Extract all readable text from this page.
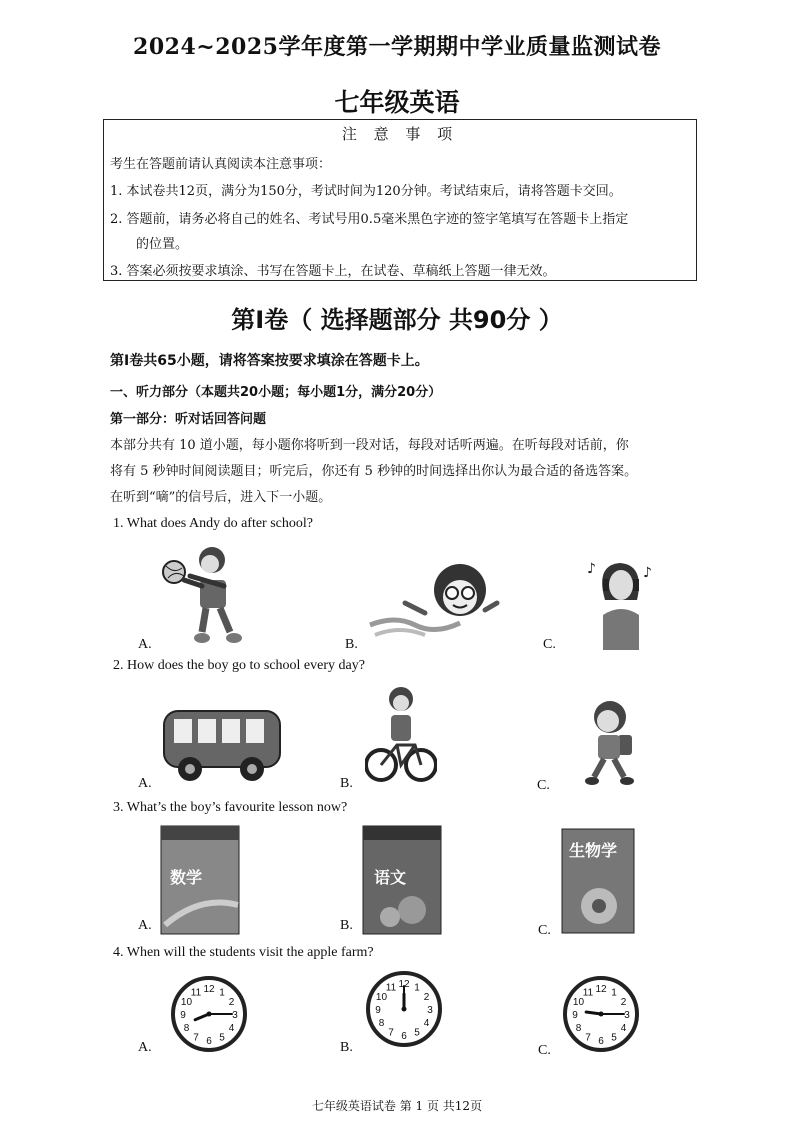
2024~2025学年度第一学期期中学业质量监测试卷
七年级英语
注 意 事 项
考生在答题前请认真阅读本注意事项：
1. 本试卷共12页，满分为150分，考试时间为120分钟。考试结束后，请将答题卡交回。
2. 答题前，请务必将自己的姓名、考试号用0.5毫米黑色字迹的签字笔填写在答题卡上指定
的位置。
3. 答案必须按要求填涂、书写在答题卡上，在试卷、草稿纸上答题一律无效。
第Ⅰ卷（ 选择题部分 共90分 ）
第Ⅰ卷共65小题，请将答案按要求填涂在答题卡上。
一、听力部分（本题共20小题；每小题1分，满分20分）
第一部分：听对话回答问题
本部分共有 10 道小题，每小题你将听到一段对话，每段对话听两遍。在听每段对话前，你
将有 5 秒钟时间阅读题目；听完后，你还有 5 秒钟的时间选择出你认为最合适的备选答案。
在听到“嘀”的信号后，进入下一小题。
1. What does Andy do after school?
♪	♪
A.	B.	C.
2. How does the boy go to school every day?
A.	B.	C.
3. What’s the boy’s favourite lesson now?
数学	语文
生物学
A.	B.	C.
4. When will the students visit the apple farm?
1
2
3
4
5
6
7
8
9
10
11 12	1
2
3
4
5
6
7
8
9
10
11 12
1
2
3
4
5
6
7
8
9
10
11 12
A.	B.	C.
七年级英语试卷 第 1 页 共12页
